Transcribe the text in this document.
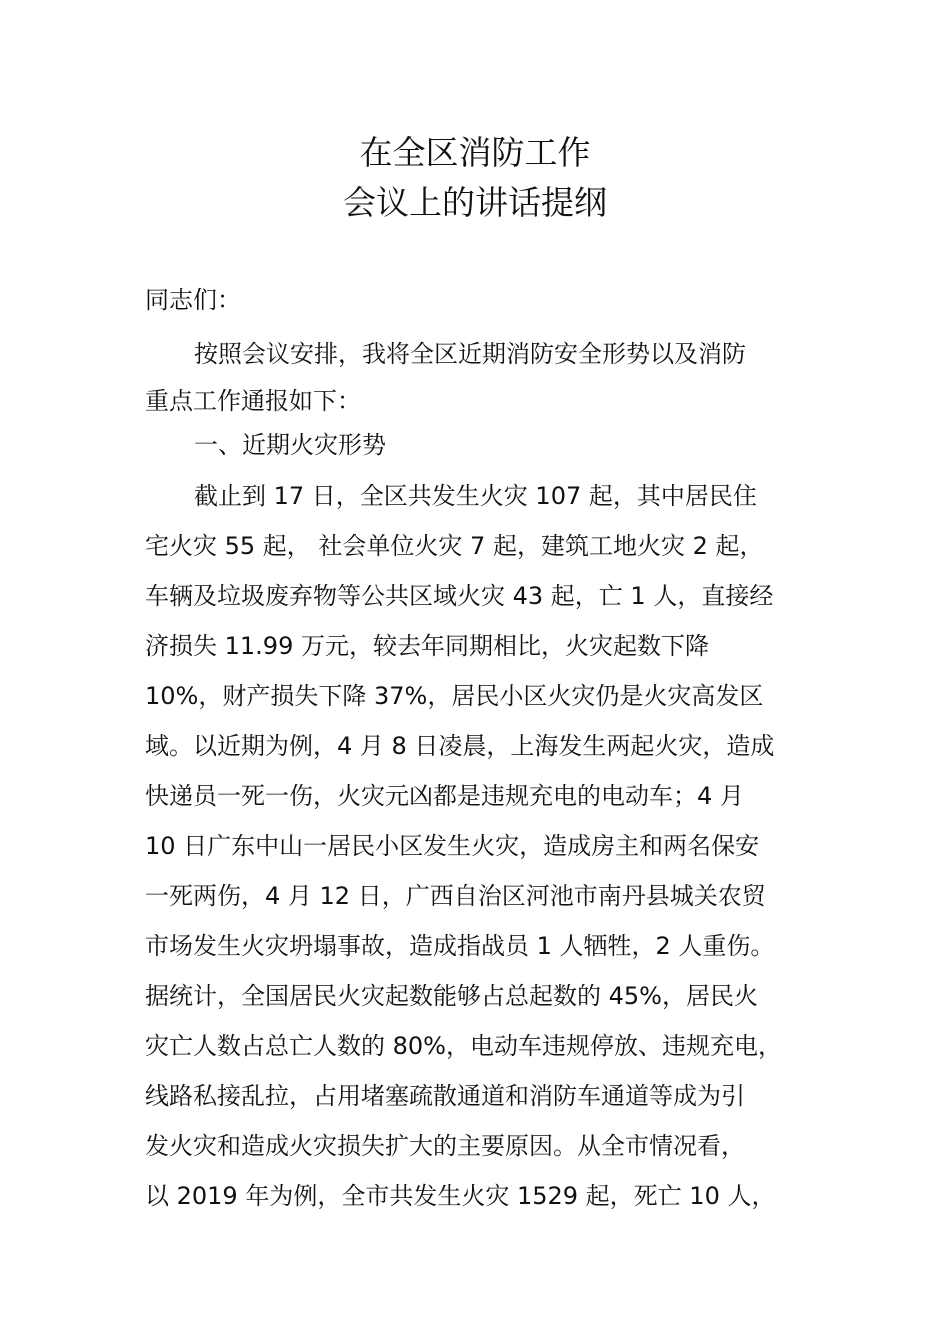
在全区消防工作
会议上的讲话提纲
同志们：
按照会议安排，我将全区近期消防安全形势以及消防
重点工作通报如下：
一、近期火灾形势
截止到 17 日，全区共发生火灾 107 起，其中居民住
宅火灾 55 起， 社会单位火灾 7 起，建筑工地火灾 2 起，
车辆及垃圾废弃物等公共区域火灾 43 起，亡 1 人，直接经
济损失 11.99 万元，较去年同期相比，火灾起数下降
10%，财产损失下降 37%，居民小区火灾仍是火灾高发区
域。以近期为例，4 月 8 日凌晨，上海发生两起火灾，造成
快递员一死一伤，火灾元凶都是违规充电的电动车；4 月
10 日广东中山一居民小区发生火灾，造成房主和两名保安
一死两伤，4 月 12 日，广西自治区河池市南丹县城关农贸
市场发生火灾坍塌事故，造成指战员 1 人牺牲，2 人重伤。
据统计，全国居民火灾起数能够占总起数的 45%，居民火
灾亡人数占总亡人数的 80%，电动车违规停放、违规充电，
线路私接乱拉，占用堵塞疏散通道和消防车通道等成为引
发火灾和造成火灾损失扩大的主要原因。从全市情况看，
以 2019 年为例，全市共发生火灾 1529 起，死亡 10 人，
